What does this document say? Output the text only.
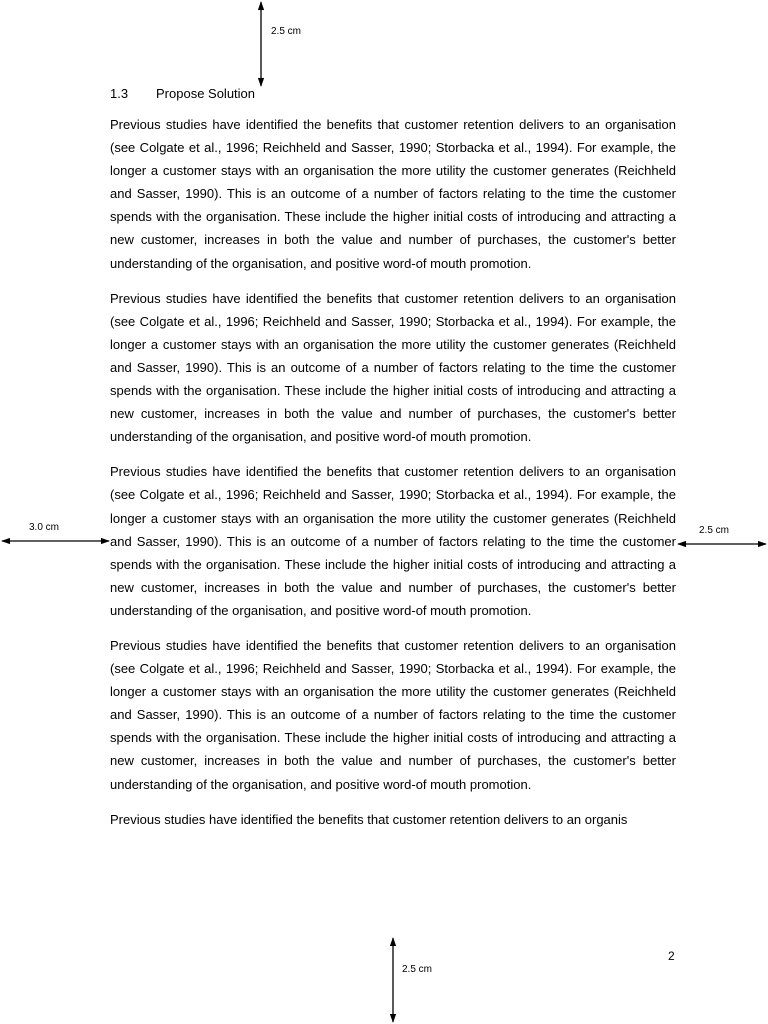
2.5 cm
3.0 cm	2.5 cm
2.5 cm
1.3 Propose Solution

Previous studies have identified the benefits that customer retention delivers to an organisation (see Colgate et al., 1996; Reichheld and Sasser, 1990; Storbacka et al., 1994). For example, the longer a customer stays with an organisation the more utility the customer generates (Reichheld and Sasser, 1990). This is an outcome of a number of factors relating to the time the customer spends with the organisation. These include the higher initial costs of introducing and attracting a new customer, increases in both the value and number of purchases, the customer's better understanding of the organisation, and positive word-of mouth promotion.

Previous studies have identified the benefits that customer retention delivers to an organisation (see Colgate et al., 1996; Reichheld and Sasser, 1990; Storbacka et al., 1994). For example, the longer a customer stays with an organisation the more utility the customer generates (Reichheld and Sasser, 1990). This is an outcome of a number of factors relating to the time the customer spends with the organisation. These include the higher initial costs of introducing and attracting a new customer, increases in both the value and number of purchases, the customer's better understanding of the organisation, and positive word-of mouth promotion.

Previous studies have identified the benefits that customer retention delivers to an organisation (see Colgate et al., 1996; Reichheld and Sasser, 1990; Storbacka et al., 1994). For example, the longer a customer stays with an organisation the more utility the customer generates (Reichheld and Sasser, 1990). This is an outcome of a number of factors relating to the time the customer spends with the organisation. These include the higher initial costs of introducing and attracting a new customer, increases in both the value and number of purchases, the customer's better understanding of the organisation, and positive word-of mouth promotion.

Previous studies have identified the benefits that customer retention delivers to an organisation (see Colgate et al., 1996; Reichheld and Sasser, 1990; Storbacka et al., 1994). For example, the longer a customer stays with an organisation the more utility the customer generates (Reichheld and Sasser, 1990). This is an outcome of a number of factors relating to the time the customer spends with the organisation. These include the higher initial costs of introducing and attracting a new customer, increases in both the value and number of purchases, the customer's better understanding of the organisation, and positive word-of mouth promotion.

Previous studies have identified the benefits that customer retention delivers to an organis

2
